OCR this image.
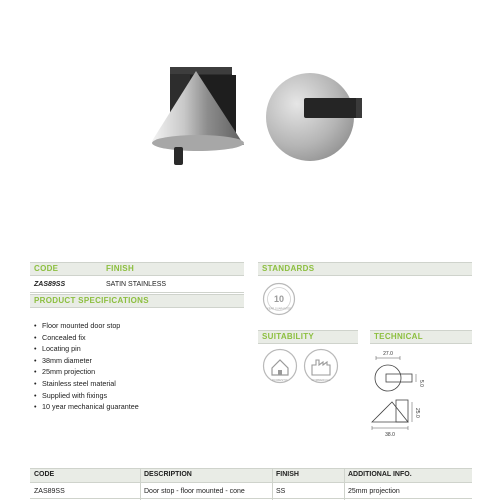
CODE	FINISH
ZAS89SS	SATIN STAINLESS
PRODUCT SPECIFICATIONS
• Floor mounted door stop
• Concealed fix
• Locating pin
• 38mm diameter
• 25mm projection
• Stainless steel material
• Supplied with fixings
• 10 year mechanical guarantee
STANDARDS
10
YEAR GUARANTEE
SUITABILITY
DOMESTIC	COMMERCIAL
TECHNICAL
27.0
5.0
25.0
38.0
CODE	DESCRIPTION	FINISH	ADDITIONAL INFO.
ZAS89SS	Door stop - floor mounted - cone	SS	25mm projection
